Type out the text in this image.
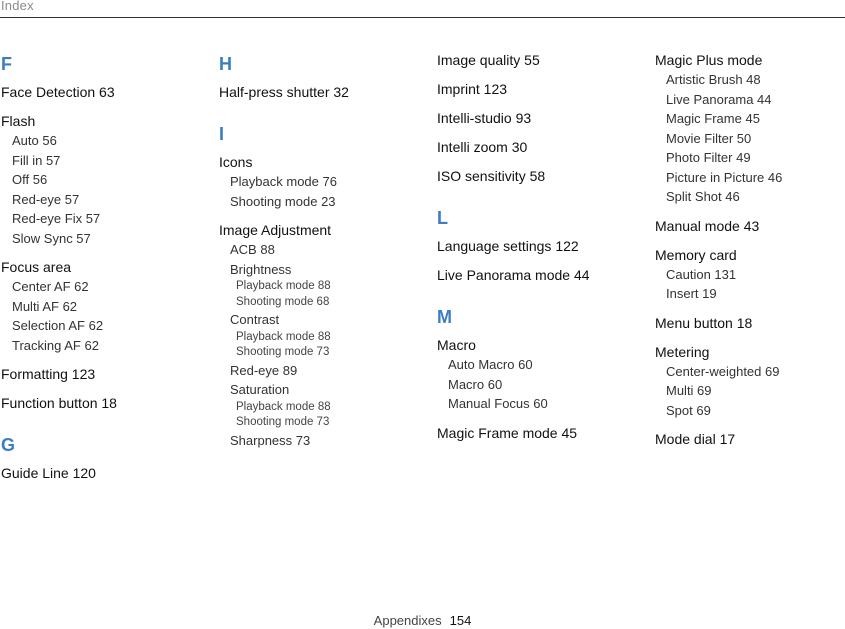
Index
F
Face Detection 63
Flash
Auto 56
Fill in 57
Off 56
Red-eye 57
Red-eye Fix 57
Slow Sync 57
Focus area
Center AF 62
Multi AF 62
Selection AF 62
Tracking AF 62
Formatting 123
Function button 18
G
Guide Line 120
H
Half-press shutter 32
I
Icons
Playback mode 76
Shooting mode 23
Image Adjustment
ACB 88
Brightness
Playback mode 88
Shooting mode 68
Contrast
Playback mode 88
Shooting mode 73
Red-eye 89
Saturation
Playback mode 88
Shooting mode 73
Sharpness 73
Image quality 55
Imprint 123
Intelli-studio 93
Intelli zoom 30
ISO sensitivity 58
L
Language settings 122
Live Panorama mode 44
M
Macro
Auto Macro 60
Macro 60
Manual Focus 60
Magic Frame mode 45
Magic Plus mode
Artistic Brush 48
Live Panorama 44
Magic Frame 45
Movie Filter 50
Photo Filter 49
Picture in Picture 46
Split Shot 46
Manual mode 43
Memory card
Caution 131
Insert 19
Menu button 18
Metering
Center-weighted 69
Multi 69
Spot 69
Mode dial 17
Appendixes 154
